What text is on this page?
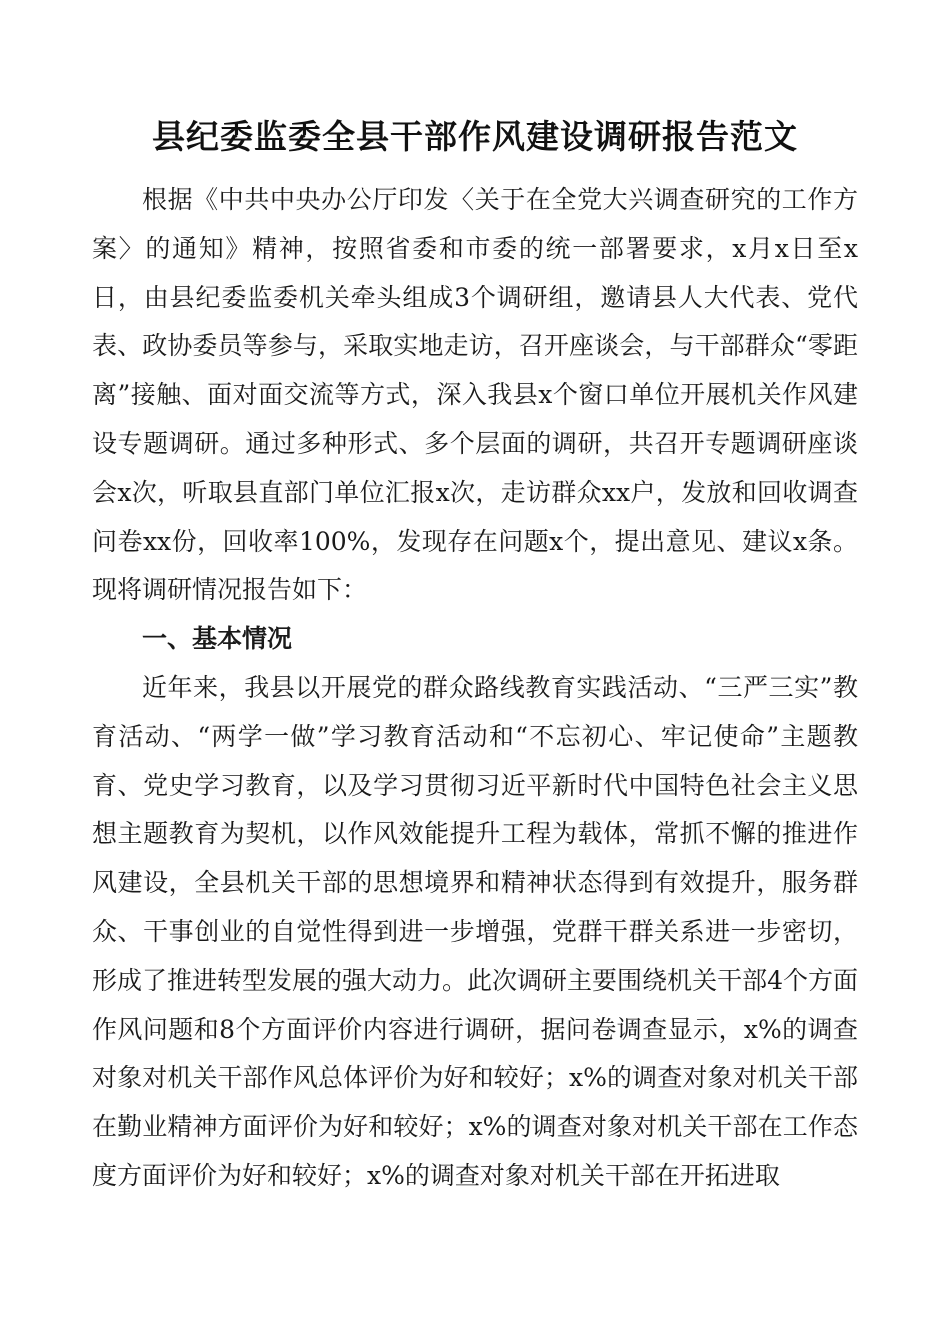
县纪委监委全县干部作风建设调研报告范文

根据《中共中央办公厅印发〈关于在全党大兴调查研究的工作方案〉的通知》精神，按照省委和市委的统一部署要求，x月x日至x日，由县纪委监委机关牵头组成3个调研组，邀请县人大代表、党代表、政协委员等参与，采取实地走访，召开座谈会，与干部群众“零距离”接触、面对面交流等方式，深入我县x个窗口单位开展机关作风建设专题调研。通过多种形式、多个层面的调研，共召开专题调研座谈会x次，听取县直部门单位汇报x次，走访群众xx户，发放和回收调查问卷xx份，回收率100%，发现存在问题x个，提出意见、建议x条。现将调研情况报告如下：

一、基本情况

近年来，我县以开展党的群众路线教育实践活动、“三严三实”教育活动、“两学一做”学习教育活动和“不忘初心、牢记使命”主题教育、党史学习教育，以及学习贯彻习近平新时代中国特色社会主义思想主题教育为契机，以作风效能提升工程为载体，常抓不懈的推进作风建设，全县机关干部的思想境界和精神状态得到有效提升，服务群众、干事创业的自觉性得到进一步增强，党群干群关系进一步密切，形成了推进转型发展的强大动力。此次调研主要围绕机关干部4个方面作风问题和8个方面评价内容进行调研，据问卷调查显示，x%的调查对象对机关干部作风总体评价为好和较好；x%的调查对象对机关干部在勤业精神方面评价为好和较好；x%的调查对象对机关干部在工作态度方面评价为好和较好；x%的调查对象对机关干部在开拓进取
